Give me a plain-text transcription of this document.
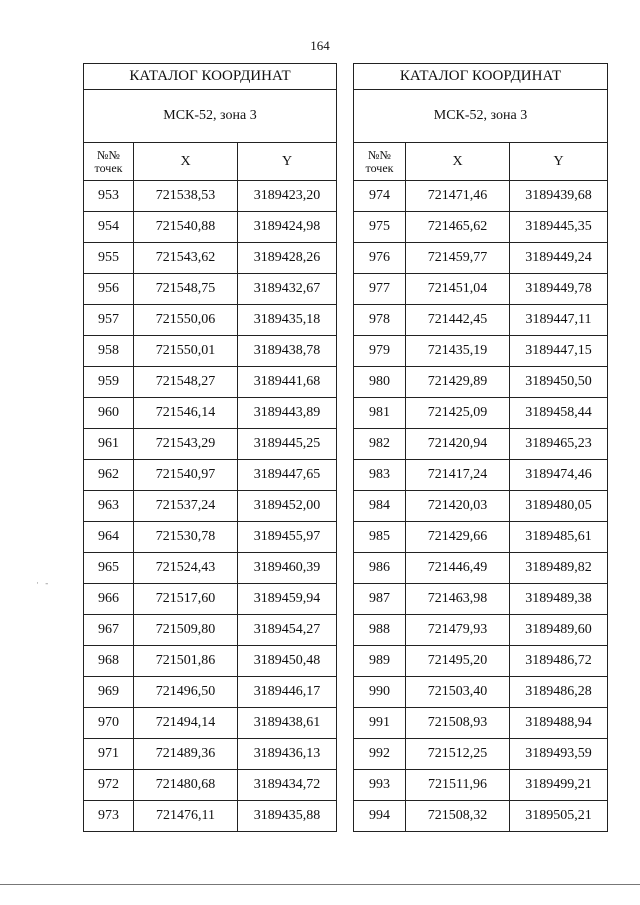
164
КАТАЛОГ КООРДИНАТ		
МСК-52, зона 3		
№№
точек	X	Y
953	721538,53	3189423,20
954	721540,88	3189424,98
955	721543,62	3189428,26
956	721548,75	3189432,67
957	721550,06	3189435,18
958	721550,01	3189438,78
959	721548,27	3189441,68
960	721546,14	3189443,89
961	721543,29	3189445,25
962	721540,97	3189447,65
963	721537,24	3189452,00
964	721530,78	3189455,97
965	721524,43	3189460,39
966	721517,60	3189459,94
967	721509,80	3189454,27
968	721501,86	3189450,48
969	721496,50	3189446,17
970	721494,14	3189438,61
971	721489,36	3189436,13
972	721480,68	3189434,72
973	721476,11	3189435,88
КАТАЛОГ КООРДИНАТ		
МСК-52, зона 3		
№№
точек	X	Y
974	721471,46	3189439,68
975	721465,62	3189445,35
976	721459,77	3189449,24
977	721451,04	3189449,78
978	721442,45	3189447,11
979	721435,19	3189447,15
980	721429,89	3189450,50
981	721425,09	3189458,44
982	721420,94	3189465,23
983	721417,24	3189474,46
984	721420,03	3189480,05
985	721429,66	3189485,61
986	721446,49	3189489,82
987	721463,98	3189489,38
988	721479,93	3189489,60
989	721495,20	3189486,72
990	721503,40	3189486,28
991	721508,93	3189488,94
992	721512,25	3189493,59
993	721511,96	3189499,21
994	721508,32	3189505,21
· -
